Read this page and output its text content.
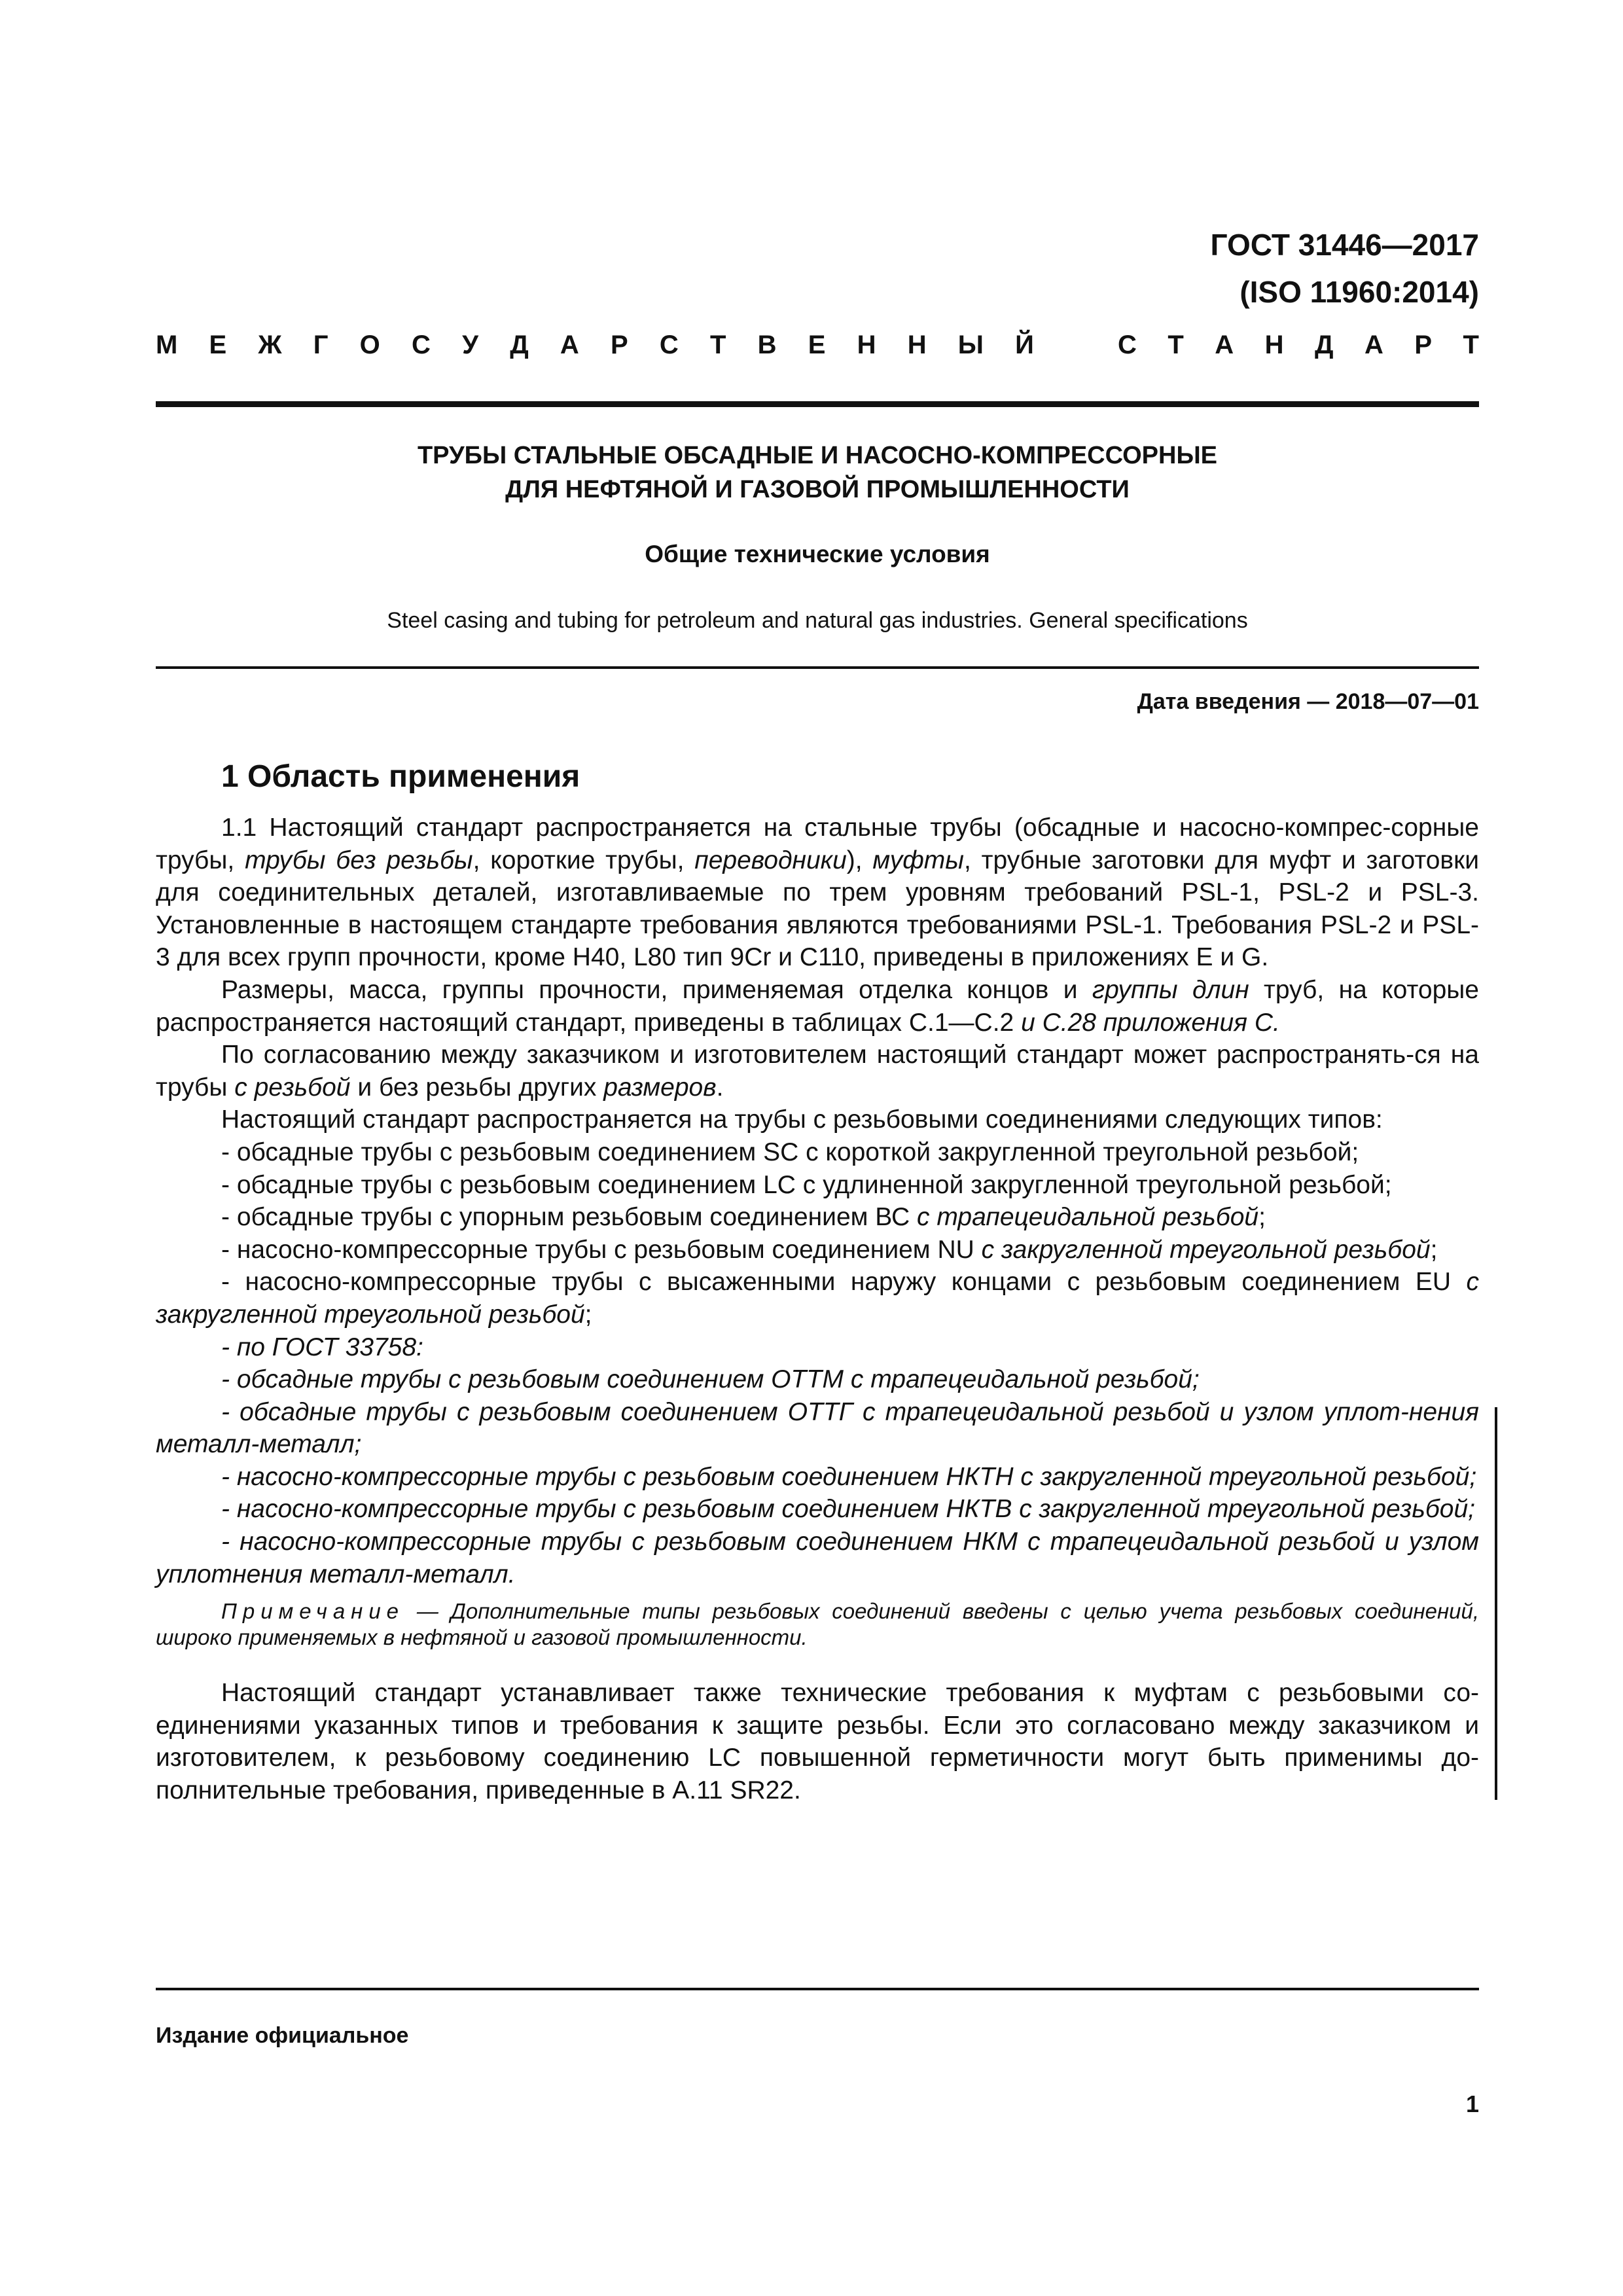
ГОСТ 31446—2017
(ISO 11960:2014)
М Е Ж Г О С У Д А Р С Т В Е Н Н Ы Й	С Т А Н Д А Р Т
ТРУБЫ СТАЛЬНЫЕ ОБСАДНЫЕ И НАСОСНО-КОМПРЕССОРНЫЕ
ДЛЯ НЕФТЯНОЙ И ГАЗОВОЙ ПРОМЫШЛЕННОСТИ
Общие технические условия
Steel casing and tubing for petroleum and natural gas industries. General specifications
Дата введения — 2018—07—01
1 Область применения

1.1 Настоящий стандарт распространяется на стальные трубы (обсадные и насосно-компрес-сорные трубы, трубы без резьбы, короткие трубы, переводники), муфты, трубные заготовки для муфт и заготовки для соединительных деталей, изготавливаемые по трем уровням требований PSL-1, PSL-2 и PSL-3. Установленные в настоящем стандарте требования являются требованиями PSL-1. Требования PSL-2 и PSL-3 для всех групп прочности, кроме Н40, L80 тип 9Cr и С110, приведены в приложениях Е и G.

Размеры, масса, группы прочности, применяемая отделка концов и группы длин труб, на которые распространяется настоящий стандарт, приведены в таблицах С.1—С.2 и С.28 приложения С.

По согласованию между заказчиком и изготовителем настоящий стандарт может распространять-ся на трубы с резьбой и без резьбы других размеров.

Настоящий стандарт распространяется на трубы с резьбовыми соединениями следующих типов:

- обсадные трубы с резьбовым соединением SC с короткой закругленной треугольной резьбой;

- обсадные трубы с резьбовым соединением LC с удлиненной закругленной треугольной резьбой;

- обсадные трубы с упорным резьбовым соединением ВС с трапецеидальной резьбой;

- насосно-компрессорные трубы с резьбовым соединением NU с закругленной треугольной резьбой;

- насосно-компрессорные трубы с высаженными наружу концами с резьбовым соединением EU с закругленной треугольной резьбой;

- по ГОСТ 33758:

- обсадные трубы с резьбовым соединением ОТТМ с трапецеидальной резьбой;

- обсадные трубы с резьбовым соединением ОТТГ с трапецеидальной резьбой и узлом уплот-нения металл-металл;

- насосно-компрессорные трубы с резьбовым соединением НКТН с закругленной треугольной резьбой;

- насосно-компрессорные трубы с резьбовым соединением НКТВ с закругленной треугольной резьбой;

- насосно-компрессорные трубы с резьбовым соединением НКМ с трапецеидальной резьбой и узлом уплотнения металл-металл.

Примечание — Дополнительные типы резьбовых соединений введены с целью учета резьбовых соединений, широко применяемых в нефтяной и газовой промышленности.

Настоящий стандарт устанавливает также технические требования к муфтам с резьбовыми со-единениями указанных типов и требования к защите резьбы. Если это согласовано между заказчиком и изготовителем, к резьбовому соединению LC повышенной герметичности могут быть применимы до-полнительные требования, приведенные в А.11 SR22.

Издание официальное
1
